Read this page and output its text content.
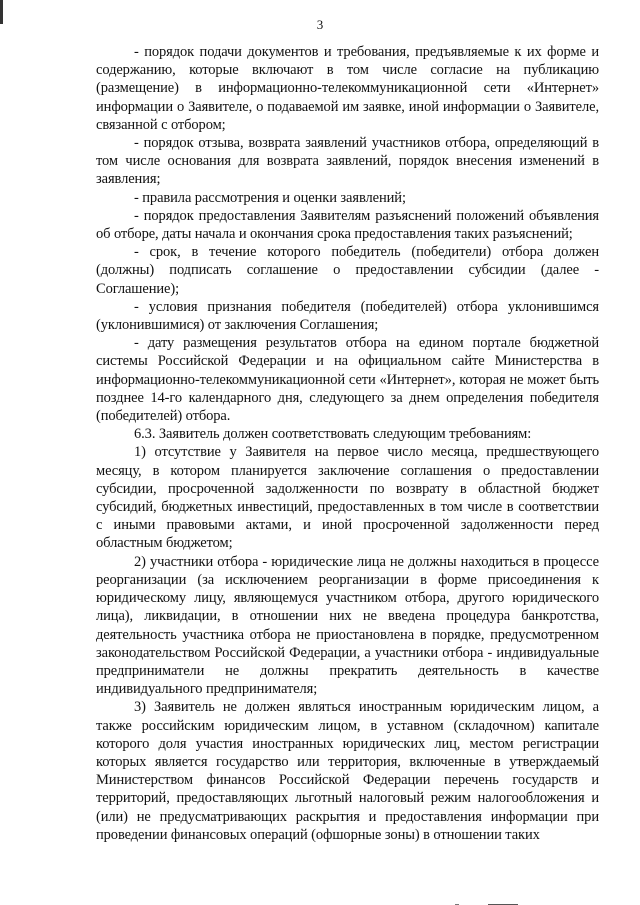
3

- порядок подачи документов и требования, предъявляемые к их форме и содержанию, которые включают в том числе согласие на публикацию (размещение) в информационно-телекоммуникационной сети «Интернет» информации о Заявителе, о подаваемой им заявке, иной информации о Заявителе, связанной с отбором;

- порядок отзыва, возврата заявлений участников отбора, определяющий в том числе основания для возврата заявлений, порядок внесения изменений в заявления;

- правила рассмотрения и оценки заявлений;

- порядок предоставления Заявителям разъяснений положений объявления об отборе, даты начала и окончания срока предоставления таких разъяснений;

- срок, в течение которого победитель (победители) отбора должен (должны) подписать соглашение о предоставлении субсидии (далее - Соглашение);

- условия признания победителя (победителей) отбора уклонившимся (уклонившимися) от заключения Соглашения;

- дату размещения результатов отбора на едином портале бюджетной системы Российской Федерации и на официальном сайте Министерства в информационно-телекоммуникационной сети «Интернет», которая не может быть позднее 14-го календарного дня, следующего за днем определения победителя (победителей) отбора.

6.3. Заявитель должен соответствовать следующим требованиям:

1) отсутствие у Заявителя на первое число месяца, предшествующего месяцу, в котором планируется заключение соглашения о предоставлении субсидии, просроченной задолженности по возврату в областной бюджет субсидий, бюджетных инвестиций, предоставленных в том числе в соответствии с иными правовыми актами, и иной просроченной задолженности перед областным бюджетом;

2) участники отбора - юридические лица не должны находиться в процессе реорганизации (за исключением реорганизации в форме присоединения к юридическому лицу, являющемуся участником отбора, другого юридического лица), ликвидации, в отношении них не введена процедура банкротства, деятельность участника отбора не приостановлена в порядке, предусмотренном законодательством Российской Федерации, а участники отбора - индивидуальные предприниматели не должны прекратить деятельность в качестве индивидуального предпринимателя;

3) Заявитель не должен являться иностранным юридическим лицом, а также российским юридическим лицом, в уставном (складочном) капитале которого доля участия иностранных юридических лиц, местом регистрации которых является государство или территория, включенные в утверждаемый Министерством финансов Российской Федерации перечень государств и территорий, предоставляющих льготный налоговый режим налогообложения и (или) не предусматривающих раскрытия и предоставления информации при проведении финансовых операций (офшорные зоны) в отношении таких
